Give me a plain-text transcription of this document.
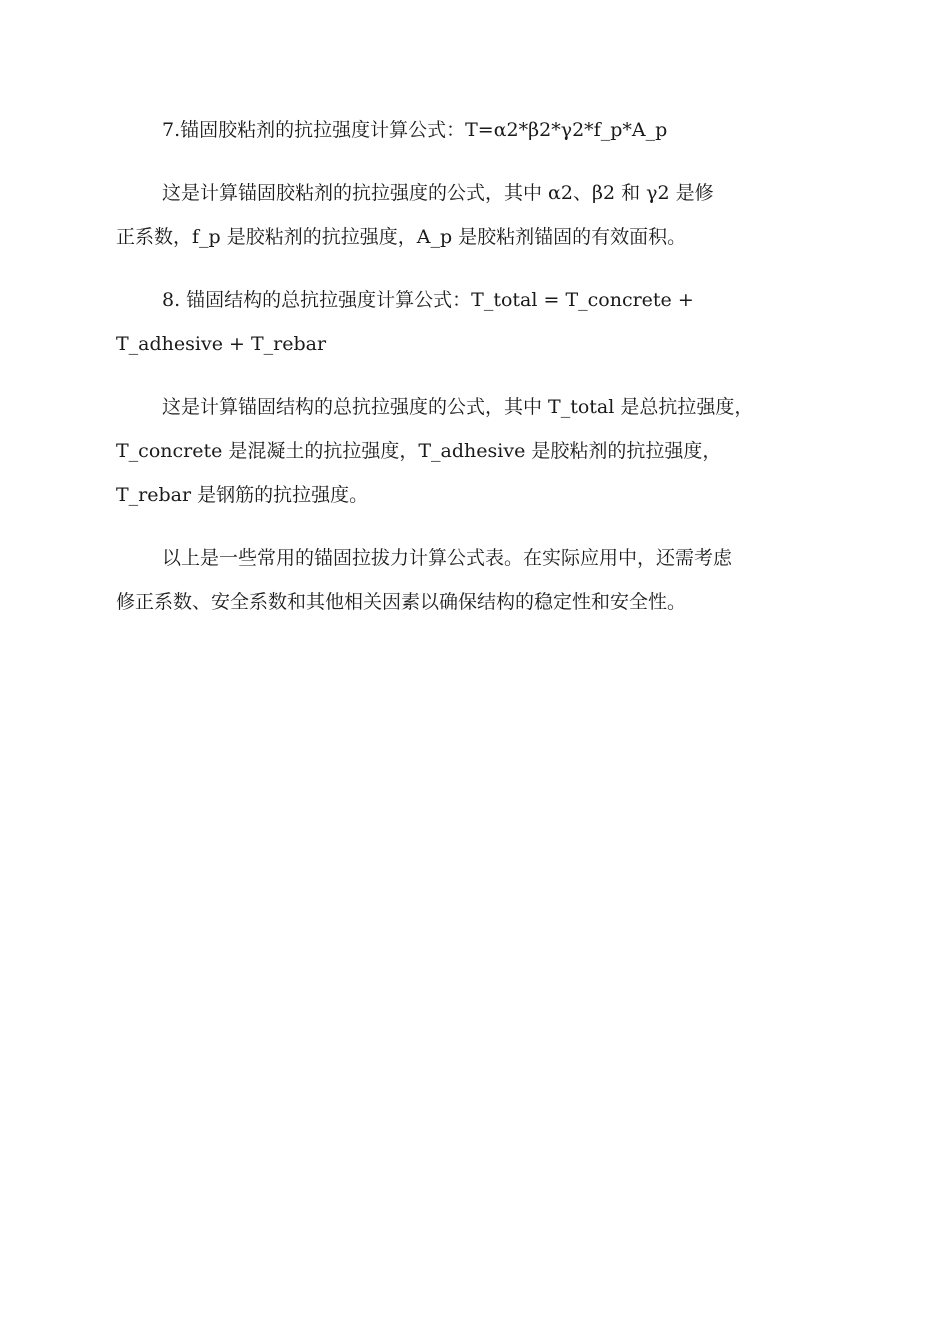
7.锚固胶粘剂的抗拉强度计算公式：T=α2*β2*γ2*f_p*A_p

这是计算锚固胶粘剂的抗拉强度的公式，其中 α2、β2 和 γ2 是修
正系数，f_p 是胶粘剂的抗拉强度，A_p 是胶粘剂锚固的有效面积。

8. 锚固结构的总抗拉强度计算公式：T_total = T_concrete +
T_adhesive + T_rebar

这是计算锚固结构的总抗拉强度的公式，其中 T_total 是总抗拉强度，
T_concrete 是混凝土的抗拉强度，T_adhesive 是胶粘剂的抗拉强度，
T_rebar 是钢筋的抗拉强度。

以上是一些常用的锚固拉拔力计算公式表。在实际应用中，还需考虑
修正系数、安全系数和其他相关因素以确保结构的稳定性和安全性。
